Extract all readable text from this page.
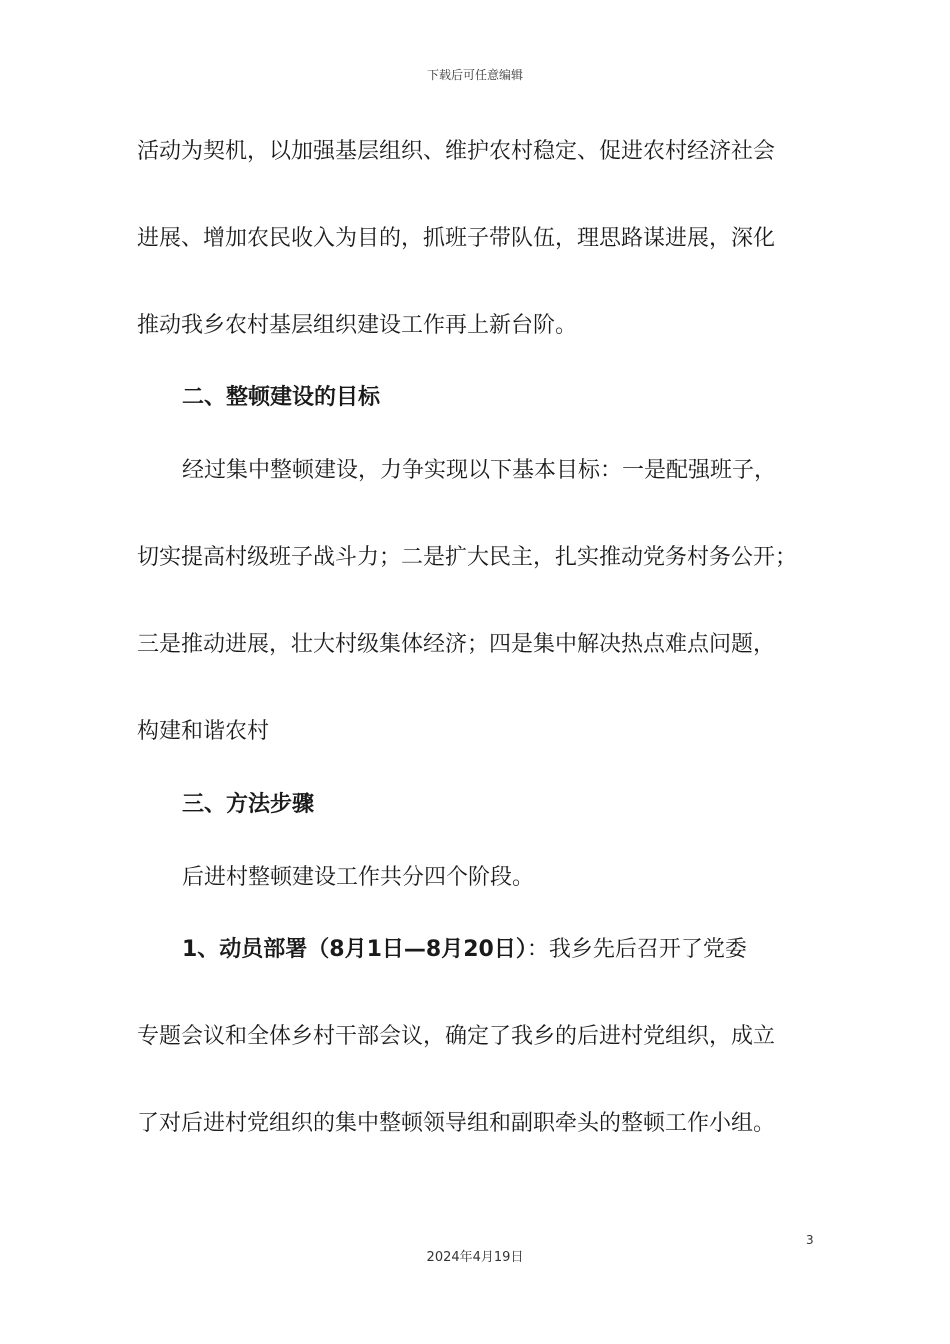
下载后可任意编辑
活动为契机，以加强基层组织、维护农村稳定、促进农村经济社会
进展、增加农民收入为目的，抓班子带队伍，理思路谋进展，深化
推动我乡农村基层组织建设工作再上新台阶。
二、整顿建设的目标
经过集中整顿建设，力争实现以下基本目标：一是配强班子，
切实提高村级班子战斗力；二是扩大民主，扎实推动党务村务公开；
三是推动进展，壮大村级集体经济；四是集中解决热点难点问题，
构建和谐农村
三、方法步骤
后进村整顿建设工作共分四个阶段。
1、动员部署（8月1日—8月20日）：我乡先后召开了党委
专题会议和全体乡村干部会议，确定了我乡的后进村党组织，成立
了对后进村党组织的集中整顿领导组和副职牵头的整顿工作小组。
3
2024年4月19日
